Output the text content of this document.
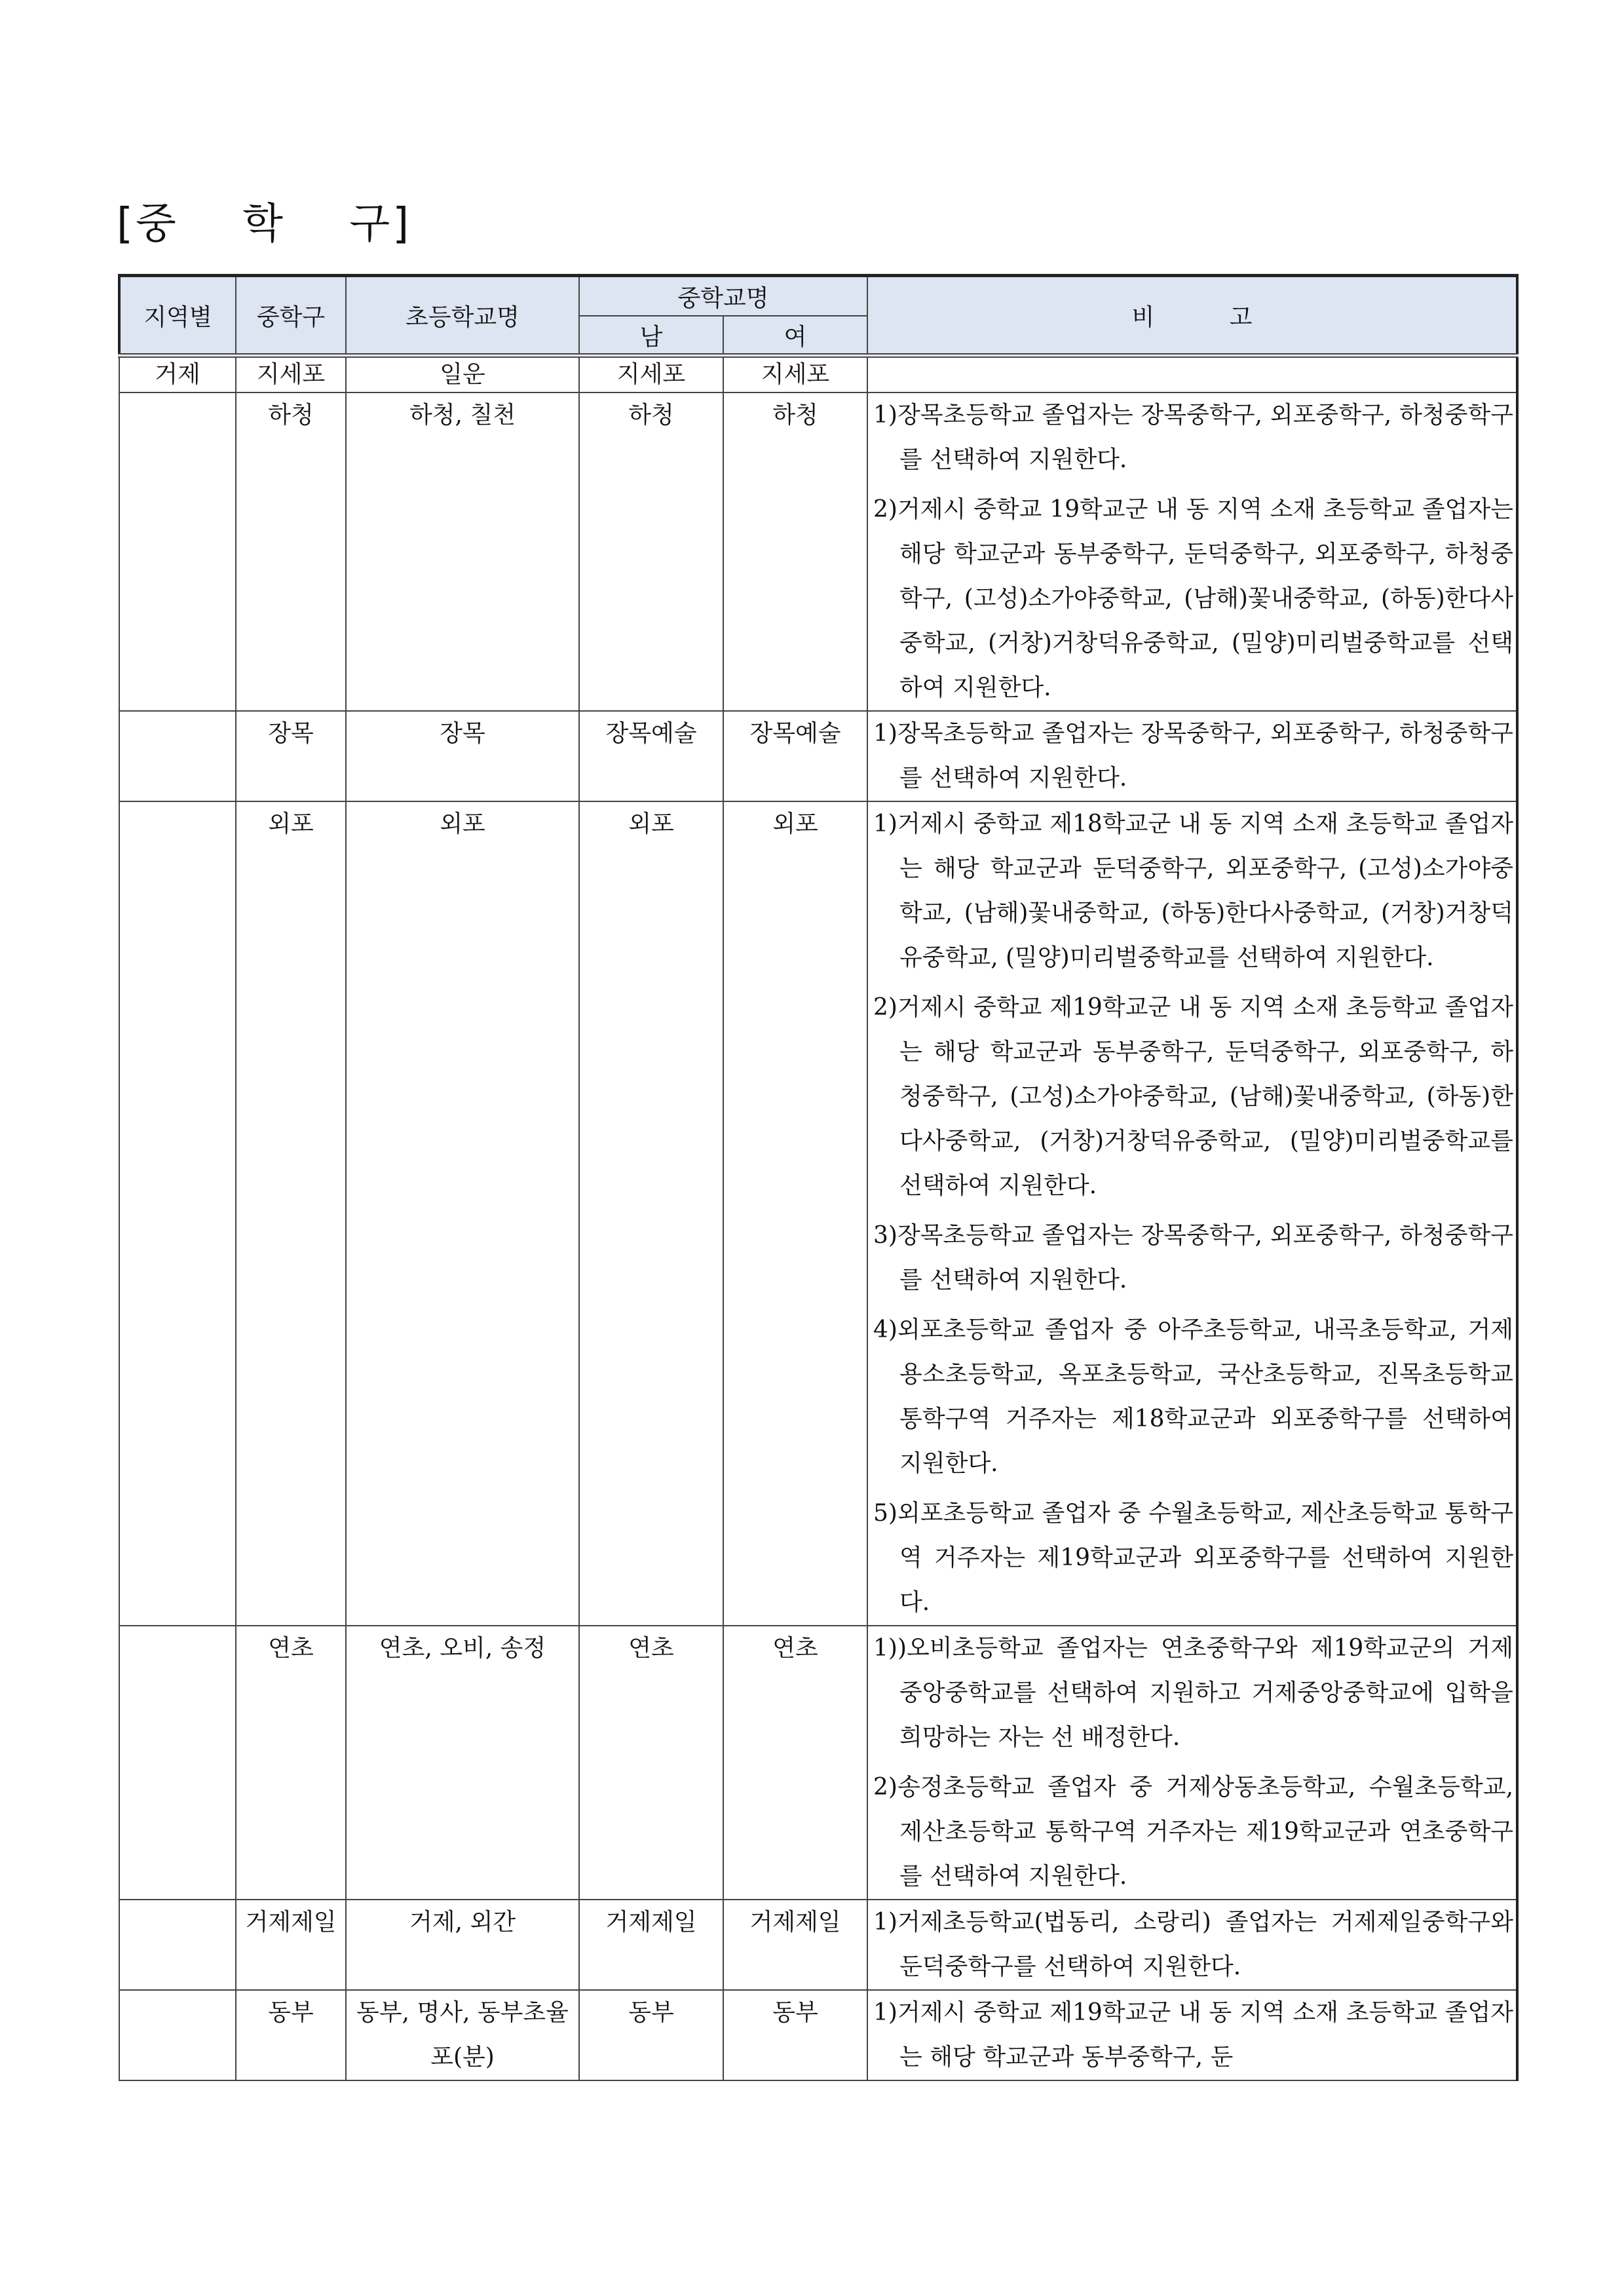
[중    학    구]
지역별	중학구	초등학교명	중학교명		비          고
			남	여	
거제	지세포	일운	지세포	지세포	
	하청	하청, 칠천	하청	하청	1)장목초등학교 졸업자는 장목중학구, 외포중학구, 하청중학구를 선택하여 지원한다.
2)거제시 중학교 19학교군 내 동 지역 소재 초등학교 졸업자는 해당 학교군과 동부중학구, 둔덕중학구, 외포중학구, 하청중학구, (고성)소가야중학교, (남해)꽃내중학교, (하동)한다사중학교, (거창)거창덕유중학교, (밀양)미리벌중학교를 선택하여 지원한다.

	장목	장목	장목예술	장목예술	1)장목초등학교 졸업자는 장목중학구, 외포중학구, 하청중학구를 선택하여 지원한다.

	외포	외포	외포	외포	1)거제시 중학교 제18학교군 내 동 지역 소재 초등학교 졸업자는 해당 학교군과 둔덕중학구, 외포중학구, (고성)소가야중학교, (남해)꽃내중학교, (하동)한다사중학교, (거창)거창덕유중학교, (밀양)미리벌중학교를 선택하여 지원한다.
2)거제시 중학교 제19학교군 내 동 지역 소재 초등학교 졸업자는 해당 학교군과 동부중학구, 둔덕중학구, 외포중학구, 하청중학구, (고성)소가야중학교, (남해)꽃내중학교, (하동)한다사중학교, (거창)거창덕유중학교, (밀양)미리벌중학교를 선택하여 지원한다.
3)장목초등학교 졸업자는 장목중학구, 외포중학구, 하청중학구를 선택하여 지원한다.
4)외포초등학교 졸업자 중 아주초등학교, 내곡초등학교, 거제용소초등학교, 옥포초등학교, 국산초등학교, 진목초등학교 통학구역 거주자는 제18학교군과 외포중학구를 선택하여 지원한다.
5)외포초등학교 졸업자 중 수월초등학교, 제산초등학교 통학구역 거주자는 제19학교군과 외포중학구를 선택하여 지원한다.

	연초	연초, 오비, 송정	연초	연초	1))오비초등학교 졸업자는 연초중학구와 제19학교군의 거제중앙중학교를 선택하여 지원하고 거제중앙중학교에 입학을 희망하는 자는 선 배정한다.
2)송정초등학교 졸업자 중 거제상동초등학교, 수월초등학교, 제산초등학교 통학구역 거주자는 제19학교군과 연초중학구를 선택하여 지원한다.

	거제제일	거제, 외간	거제제일	거제제일	1)거제초등학교(법동리, 소랑리) 졸업자는 거제제일중학구와 둔덕중학구를 선택하여 지원한다.

	동부	동부, 명사, 동부초율포(분)	동부	동부	1)거제시 중학교 제19학교군 내 동 지역 소재 초등학교 졸업자는 해당 학교군과 동부중학구, 둔
